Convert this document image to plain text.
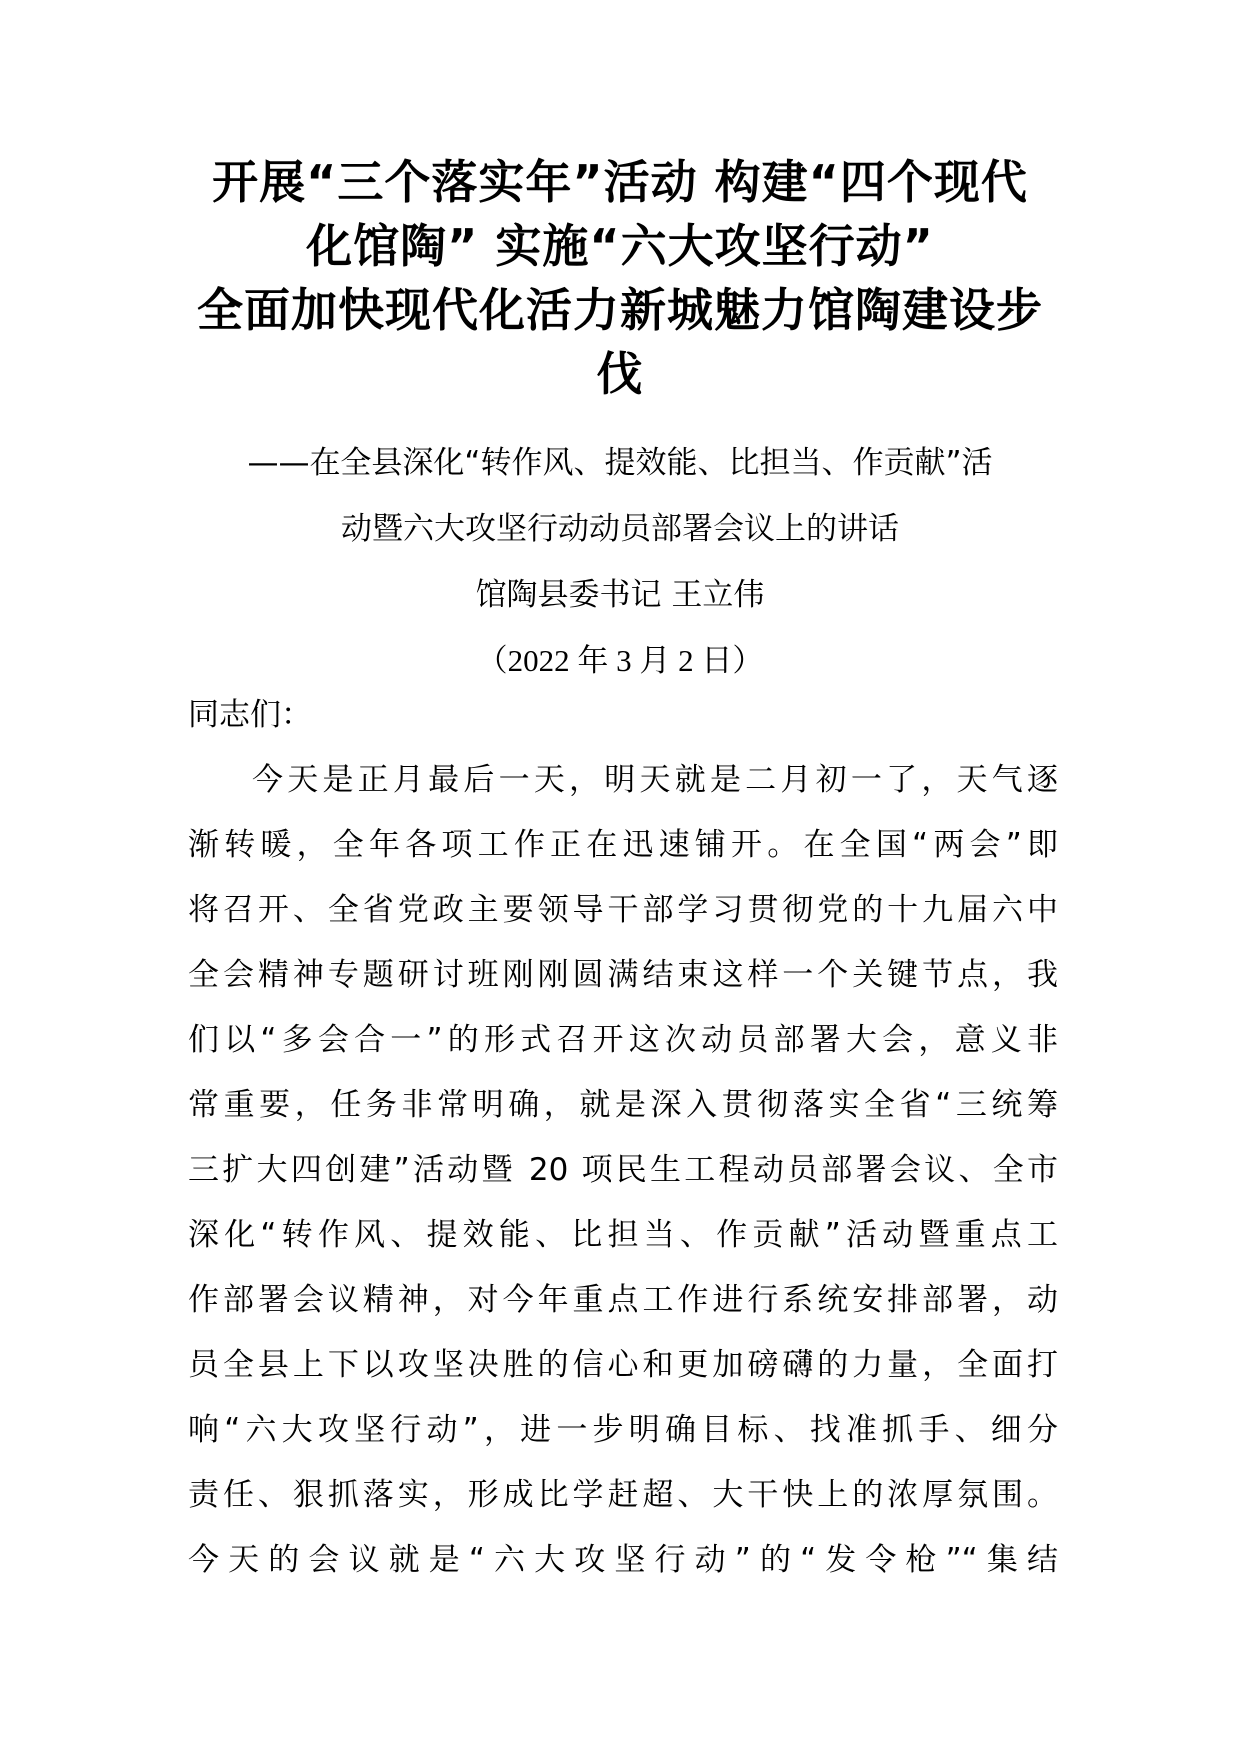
开展“三个落实年”活动 构建“四个现代
化馆陶” 实施“六大攻坚行动”
全面加快现代化活力新城魅力馆陶建设步
伐
——在全县深化“转作风、提效能、比担当、作贡献”活
动暨六大攻坚行动动员部署会议上的讲话
馆陶县委书记 王立伟
（2022 年 3 月 2 日）
同志们：
今天是正月最后一天，明天就是二月初一了，天气逐
渐转暖，全年各项工作正在迅速铺开。在全国“两会”即
将召开、全省党政主要领导干部学习贯彻党的十九届六中
全会精神专题研讨班刚刚圆满结束这样一个关键节点，我
们以“多会合一”的形式召开这次动员部署大会，意义非
常重要，任务非常明确，就是深入贯彻落实全省“三统筹
三扩大四创建”活动暨 20 项民生工程动员部署会议、全市
深化“转作风、提效能、比担当、作贡献”活动暨重点工
作部署会议精神，对今年重点工作进行系统安排部署，动
员全县上下以攻坚决胜的信心和更加磅礴的力量，全面打
响“六大攻坚行动”，进一步明确目标、找准抓手、细分
责任、狠抓落实，形成比学赶超、大干快上的浓厚氛围。
今天的会议就是“六大攻坚行动”的“发令枪”“集结
